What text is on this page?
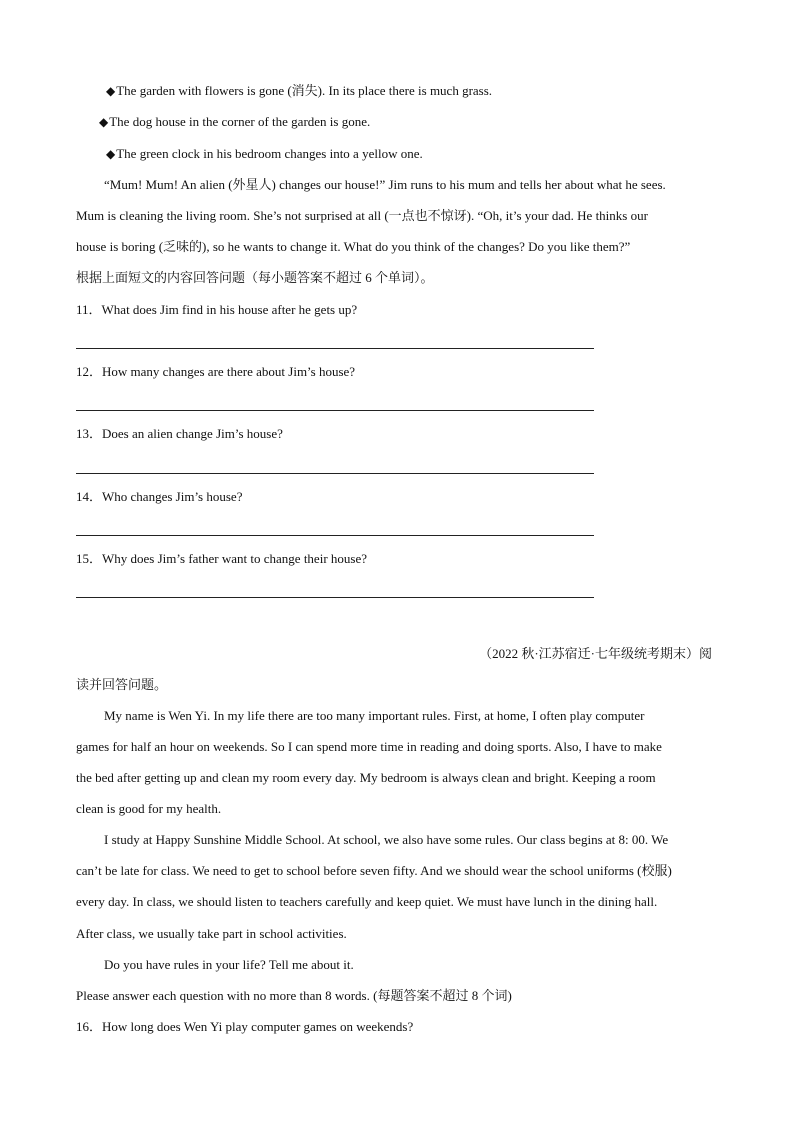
◆The garden with flowers is gone (消失). In its place there is much grass.
◆The dog house in the corner of the garden is gone.
◆The green clock in his bedroom changes into a yellow one.
“Mum! Mum! An alien (外星人) changes our house!” Jim runs to his mum and tells her about what he sees.
Mum is cleaning the living room. She’s not surprised at all (一点也不惊讶). “Oh, it’s your dad. He thinks our
house is boring (乏味的), so he wants to change it. What do you think of the changes? Do you like them?”
根据上面短文的内容回答问题（每小题答案不超过 6 个单词）。
11．What does Jim find in his house after he gets up?
12．How many changes are there about Jim’s house?
13．Does an alien change Jim’s house?
14．Who changes Jim’s house?
15．Why does Jim’s father want to change their house?
（2022 秋·江苏宿迁·七年级统考期末）阅
读并回答问题。
My name is Wen Yi. In my life there are too many important rules. First, at home, I often play computer
games for half an hour on weekends. So I can spend more time in reading and doing sports. Also, I have to make
the bed after getting up and clean my room every day. My bedroom is always clean and bright. Keeping a room
clean is good for my health.
I study at Happy Sunshine Middle School. At school, we also have some rules. Our class begins at 8: 00. We
can’t be late for class. We need to get to school before seven fifty. And we should wear the school uniforms (校服)
every day. In class, we should listen to teachers carefully and keep quiet. We must have lunch in the dining hall.
After class, we usually take part in school activities.
Do you have rules in your life? Tell me about it.
Please answer each question with no more than 8 words. (每题答案不超过 8 个词)
16．How long does Wen Yi play computer games on weekends?
